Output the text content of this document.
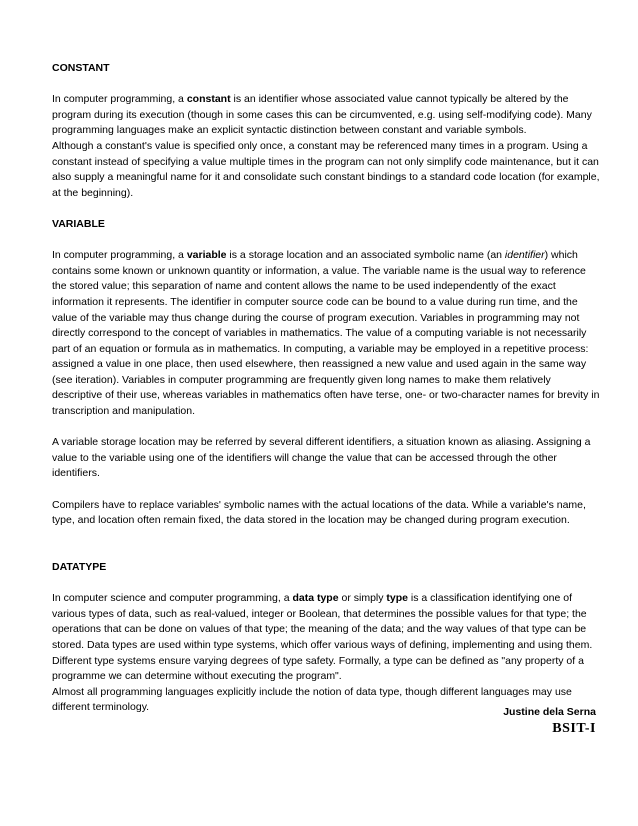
CONSTANT

In computer programming, a constant is an identifier whose associated value cannot typically be altered by the program during its execution (though in some cases this can be circumvented, e.g. using self-modifying code). Many programming languages make an explicit syntactic distinction between constant and variable symbols.

Although a constant's value is specified only once, a constant may be referenced many times in a program. Using a constant instead of specifying a value multiple times in the program can not only simplify code maintenance, but it can also supply a meaningful name for it and consolidate such constant bindings to a standard code location (for example, at the beginning).

VARIABLE

In computer programming, a variable is a storage location and an associated symbolic name (an identifier) which contains some known or unknown quantity or information, a value. The variable name is the usual way to reference the stored value; this separation of name and content allows the name to be used independently of the exact information it represents. The identifier in computer source code can be bound to a value during run time, and the value of the variable may thus change during the course of program execution. Variables in programming may not directly correspond to the concept of variables in mathematics. The value of a computing variable is not necessarily part of an equation or formula as in mathematics. In computing, a variable may be employed in a repetitive process: assigned a value in one place, then used elsewhere, then reassigned a new value and used again in the same way (see iteration). Variables in computer programming are frequently given long names to make them relatively descriptive of their use, whereas variables in mathematics often have terse, one- or two-character names for brevity in transcription and manipulation.

A variable storage location may be referred by several different identifiers, a situation known as aliasing. Assigning a value to the variable using one of the identifiers will change the value that can be accessed through the other identifiers.

Compilers have to replace variables' symbolic names with the actual locations of the data. While a variable's name, type, and location often remain fixed, the data stored in the location may be changed during program execution.

DATATYPE

In computer science and computer programming, a data type or simply type is a classification identifying one of various types of data, such as real-valued, integer or Boolean, that determines the possible values for that type; the operations that can be done on values of that type; the meaning of the data; and the way values of that type can be stored. Data types are used within type systems, which offer various ways of defining, implementing and using them. Different type systems ensure varying degrees of type safety. Formally, a type can be defined as "any property of a programme we can determine without executing the program".

Almost all programming languages explicitly include the notion of data type, though different languages may use different terminology.	Justine dela Serna
BSIT-I
